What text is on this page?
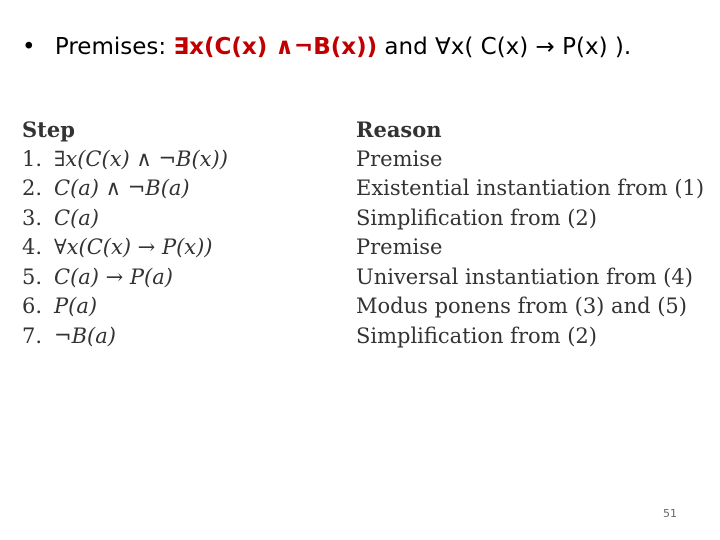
• Premises: ∃x(C(x) ∧¬B(x)) and ∀x( C(x) → P(x) ).
Step	Reason
1. ∃x(C(x) ∧ ¬B(x))	Premise
2. C(a) ∧ ¬B(a)	Existential instantiation from (1)
3. C(a)	Simplification from (2)
4. ∀x(C(x) → P(x))	Premise
5. C(a) → P(a)	Universal instantiation from (4)
6. P(a)	Modus ponens from (3) and (5)
7. ¬B(a)	Simplification from (2)
51
